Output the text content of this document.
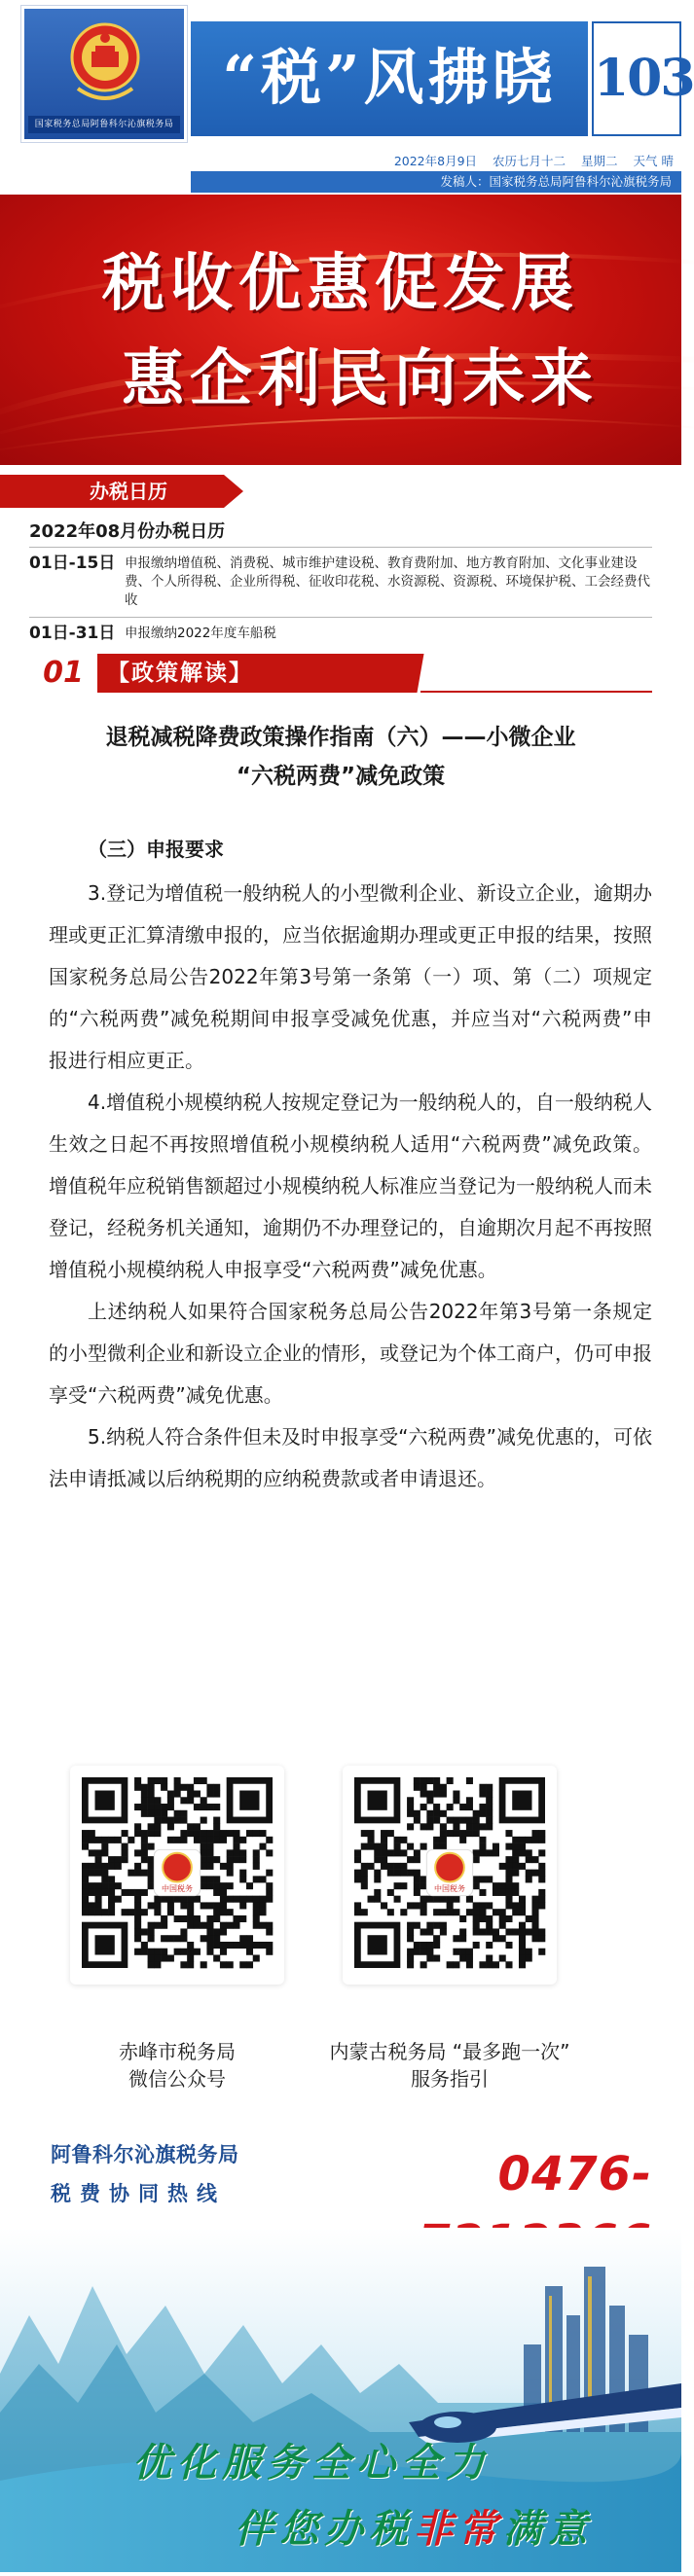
国家税务总局阿鲁科尔沁旗税务局
“税”风拂晓 103
2022年8月9日 农历七月十二 星期二 天气 晴
发稿人：国家税务总局阿鲁科尔沁旗税务局
税收优惠促发展
惠企利民向未来
办税日历
2022年08月份办税日历
01日-15日 申报缴纳增值税、消费税、城市维护建设税、教育费附加、地方教育附加、文化事业建设费、个人所得税、企业所得税、征收印花税、水资源税、资源税、环境保护税、工会经费代收
01日-31日 申报缴纳2022年度车船税
【政策解读】
01
退税减税降费政策操作指南（六）——小微企业
“六税两费”减免政策

（三）申报要求

3.登记为增值税一般纳税人的小型微利企业、新设立企业，逾期办理或更正汇算清缴申报的，应当依据逾期办理或更正申报的结果，按照国家税务总局公告2022年第3号第一条第（一）项、第（二）项规定的“六税两费”减免税期间申报享受减免优惠，并应当对“六税两费”申报进行相应更正。

4.增值税小规模纳税人按规定登记为一般纳税人的，自一般纳税人生效之日起不再按照增值税小规模纳税人适用“六税两费”减免政策。增值税年应税销售额超过小规模纳税人标准应当登记为一般纳税人而未登记，经税务机关通知，逾期仍不办理登记的，自逾期次月起不再按照增值税小规模纳税人申报享受“六税两费”减免优惠。

上述纳税人如果符合国家税务总局公告2022年第3号第一条规定的小型微利企业和新设立企业的情形，或登记为个体工商户，仍可申报享受“六税两费”减免优惠。

5.纳税人符合条件但未及时申报享受“六税两费”减免优惠的，可依法申请抵减以后纳税期的应纳税费款或者申请退还。

中国税务	中国税务
赤峰市税务局
微信公众号
内蒙古税务局 “最多跑一次”
服务指引
阿鲁科尔沁旗税务局
税费协同热线	0476-
优化服务全心全力
伴您办税非常满意
